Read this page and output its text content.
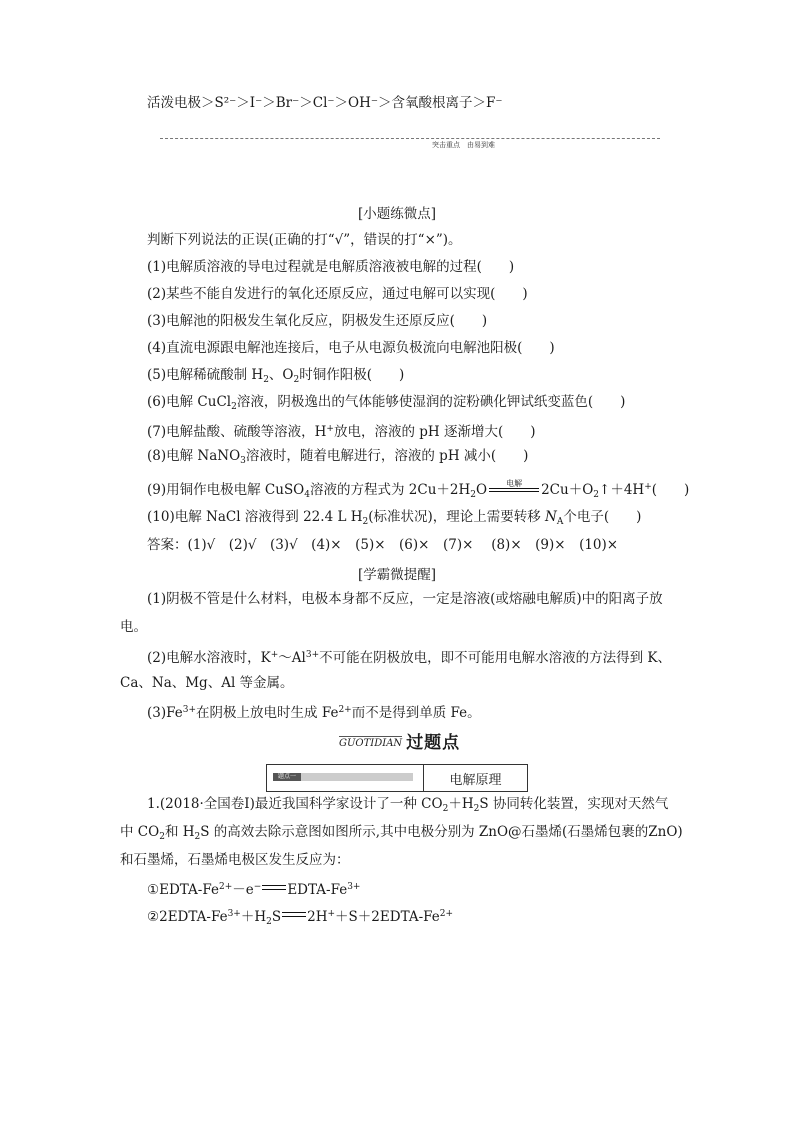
活泼电极＞S²⁻＞I⁻＞Br⁻＞Cl⁻＞OH⁻＞含氧酸根离子＞F⁻
突击重点　由易到难
[小题练微点]
判断下列说法的正误(正确的打“√”，错误的打“×”)。
(1)电解质溶液的导电过程就是电解质溶液被电解的过程(　　)
(2)某些不能自发进行的氧化还原反应，通过电解可以实现(　　)
(3)电解池的阳极发生氧化反应，阴极发生还原反应(　　)
(4)直流电源跟电解池连接后，电子从电源负极流向电解池阳极(　　)
(5)电解稀硫酸制 $H_2$、$O_2$时铜作阳极(　　)
(6)电解 CuCl$_2$溶液，阴极逸出的气体能够使湿润的淀粉碘化钾试纸变蓝色(　　)
(7)电解盐酸、硫酸等溶液，H+放电，溶液的 pH 逐渐增大(　　)
(8)电解 NaNO$_3$溶液时，随着电解进行，溶液的 pH 减小(　　)
(9)用铜作电极电解 CuSO$_4$溶液的方程式为 $2Cu+2H_2O$	电解	$2Cu+O_2↑+4H^+$(　　)
(10)电解 NaCl 溶液得到 22.4 L $H_2$(标准状况)，理论上需要转移 $N_A$个电子(　　)
答案：(1)√　(2)√　(3)√　(4)×　(5)×　(6)×　(7)×　 (8)×　(9)×　(10)×
[学霸微提醒]
(1)阴极不管是什么材料，电极本身都不反应，一定是溶液(或熔融电解质)中的阳离子放
电。
(2)电解水溶液时，$K^+\sim Al^{3+}$不可能在阴极放电，即不可能用电解水溶液的方法得到 K、
Ca、Na、Mg、Al 等金属。
$(3)Fe^{3+}$在阴极上放电时生成 $Fe^{2+}$而不是得到单质 Fe。
GUOTIDIAN 过题点
题点一	电解原理
1.(2018·全国卷Ⅰ)最近我国科学家设计了一种 $CO_2+H_2S$ 协同转化装置，实现对天然气
中 $CO_2$和 $H_2S$ 的高效去除示意图如图所示,其中电极分别为 ZnO@石墨烯(石墨烯包裹的ZnO)
和石墨烯，石墨烯电极区发生反应为：
①EDTA-$Fe^{2+}-e^-$ EDTA-$Fe^{3+}$
$②2EDTA-Fe^{3+}+H_2S$ $2H^++S+2EDTA-Fe^{2+}$
